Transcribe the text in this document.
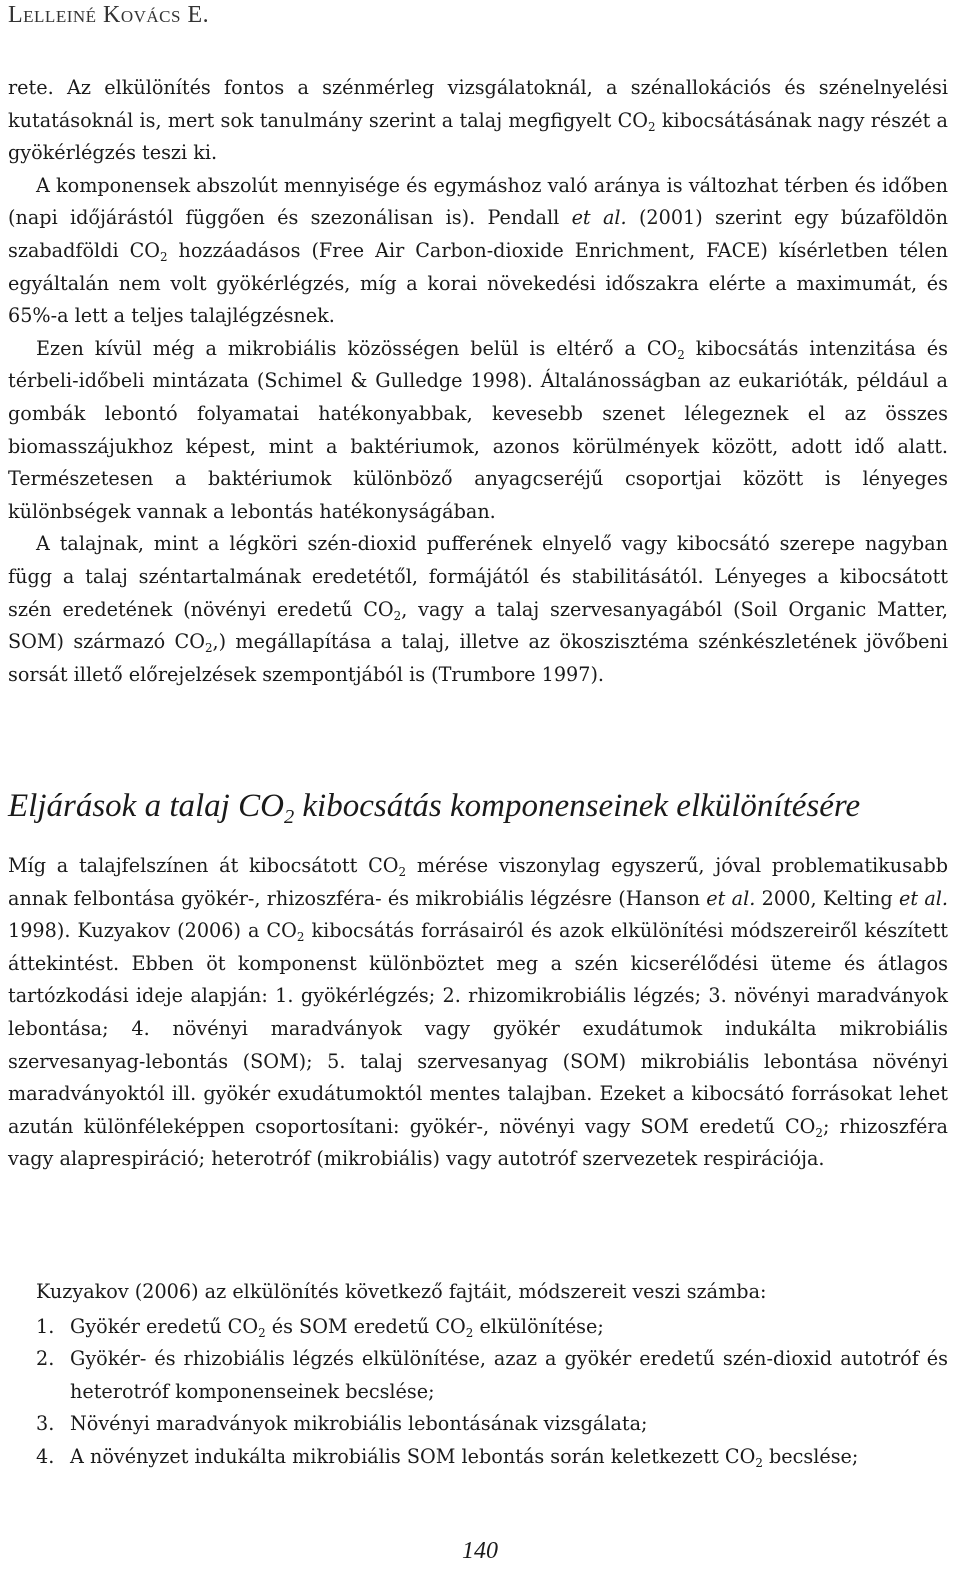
Lelleiné Kovács E.

rete. Az elkülönítés fontos a szénmérleg vizsgálatoknál, a szénallokációs és szénelnyelési kutatásoknál is, mert sok tanulmány szerint a talaj megfigyelt $CO_2$ kibocsátásának nagy részét a gyökérlégzés teszi ki.

A komponensek abszolút mennyisége és egymáshoz való aránya is változhat térben és időben (napi időjárástól függően és szezonálisan is). Pendall et al. (2001) szerint egy búzaföldön szabadföldi $CO_2$ hozzáadásos (Free Air Carbon-dioxide Enrichment, FACE) kísérletben télen egyáltalán nem volt gyökérlégzés, míg a korai növekedési időszakra elérte a maximumát, és 65%-a lett a teljes talajlégzésnek.

Ezen kívül még a mikrobiális közösségen belül is eltérő a $CO_2$ kibocsátás intenzitása és térbeli-időbeli mintázata (Schimel & Gulledge 1998). Általánosságban az eukarióták, például a gombák lebontó folyamatai hatékonyabbak, kevesebb szenet lélegeznek el az összes biomasszájukhoz képest, mint a baktériumok, azonos körülmények között, adott idő alatt. Természetesen a baktériumok különböző anyagcseréjű csoportjai között is lényeges különbségek vannak a lebontás hatékonyságában.

A talajnak, mint a légköri szén-dioxid pufferének elnyelő vagy kibocsátó szerepe nagyban függ a talaj széntartalmának eredetétől, formájától és stabilitásától. Lényeges a kibocsátott szén eredetének (növényi eredetű $CO_2$, vagy a talaj szervesanyagából (Soil Organic Matter, SOM) származó $CO_2$,) megállapítása a talaj, illetve az ökoszisztéma szénkészletének jövőbeni sorsát illető előrejelzések szempontjából is (Trumbore 1997).

Eljárások a talaj $CO_2$ kibocsátás komponenseinek elkülönítésére

Míg a talajfelszínen át kibocsátott $CO_2$ mérése viszonylag egyszerű, jóval problematikusabb annak felbontása gyökér-, rhizoszféra- és mikrobiális légzésre (Hanson et al. 2000, Kelting et al. 1998). Kuzyakov (2006) a $CO_2$ kibocsátás forrásairól és azok elkülönítési módszereiről készített áttekintést. Ebben öt komponenst különböztet meg a szén kicserélődési üteme és átlagos tartózkodási ideje alapján: 1. gyökérlégzés; 2. rhizomikrobiális légzés; 3. növényi maradványok lebontása; 4. növényi maradványok vagy gyökér exudátumok indukálta mikrobiális szervesanyag-lebontás (SOM); 5. talaj szervesanyag (SOM) mikrobiális lebontása növényi maradványoktól ill. gyökér exudátumoktól mentes talajban. Ezeket a kibocsátó forrásokat lehet azután különféleképpen csoportosítani: gyökér-, növényi vagy SOM eredetű $CO_2$; rhizoszféra vagy alaprespiráció; heterotróf (mikrobiális) vagy autotróf szervezetek respirációja.

Kuzyakov (2006) az elkülönítés következő fajtáit, módszereit veszi számba:

1. Gyökér eredetű $CO_2$ és SOM eredetű $CO_2$ elkülönítése;
2. Gyökér- és rhizobiális légzés elkülönítése, azaz a gyökér eredetű szén-dioxid autotróf és heterotróf komponenseinek becslése;
3. Növényi maradványok mikrobiális lebontásának vizsgálata;
4. A növényzet indukálta mikrobiális SOM lebontás során keletkezett $CO_2$ becslése;
140
